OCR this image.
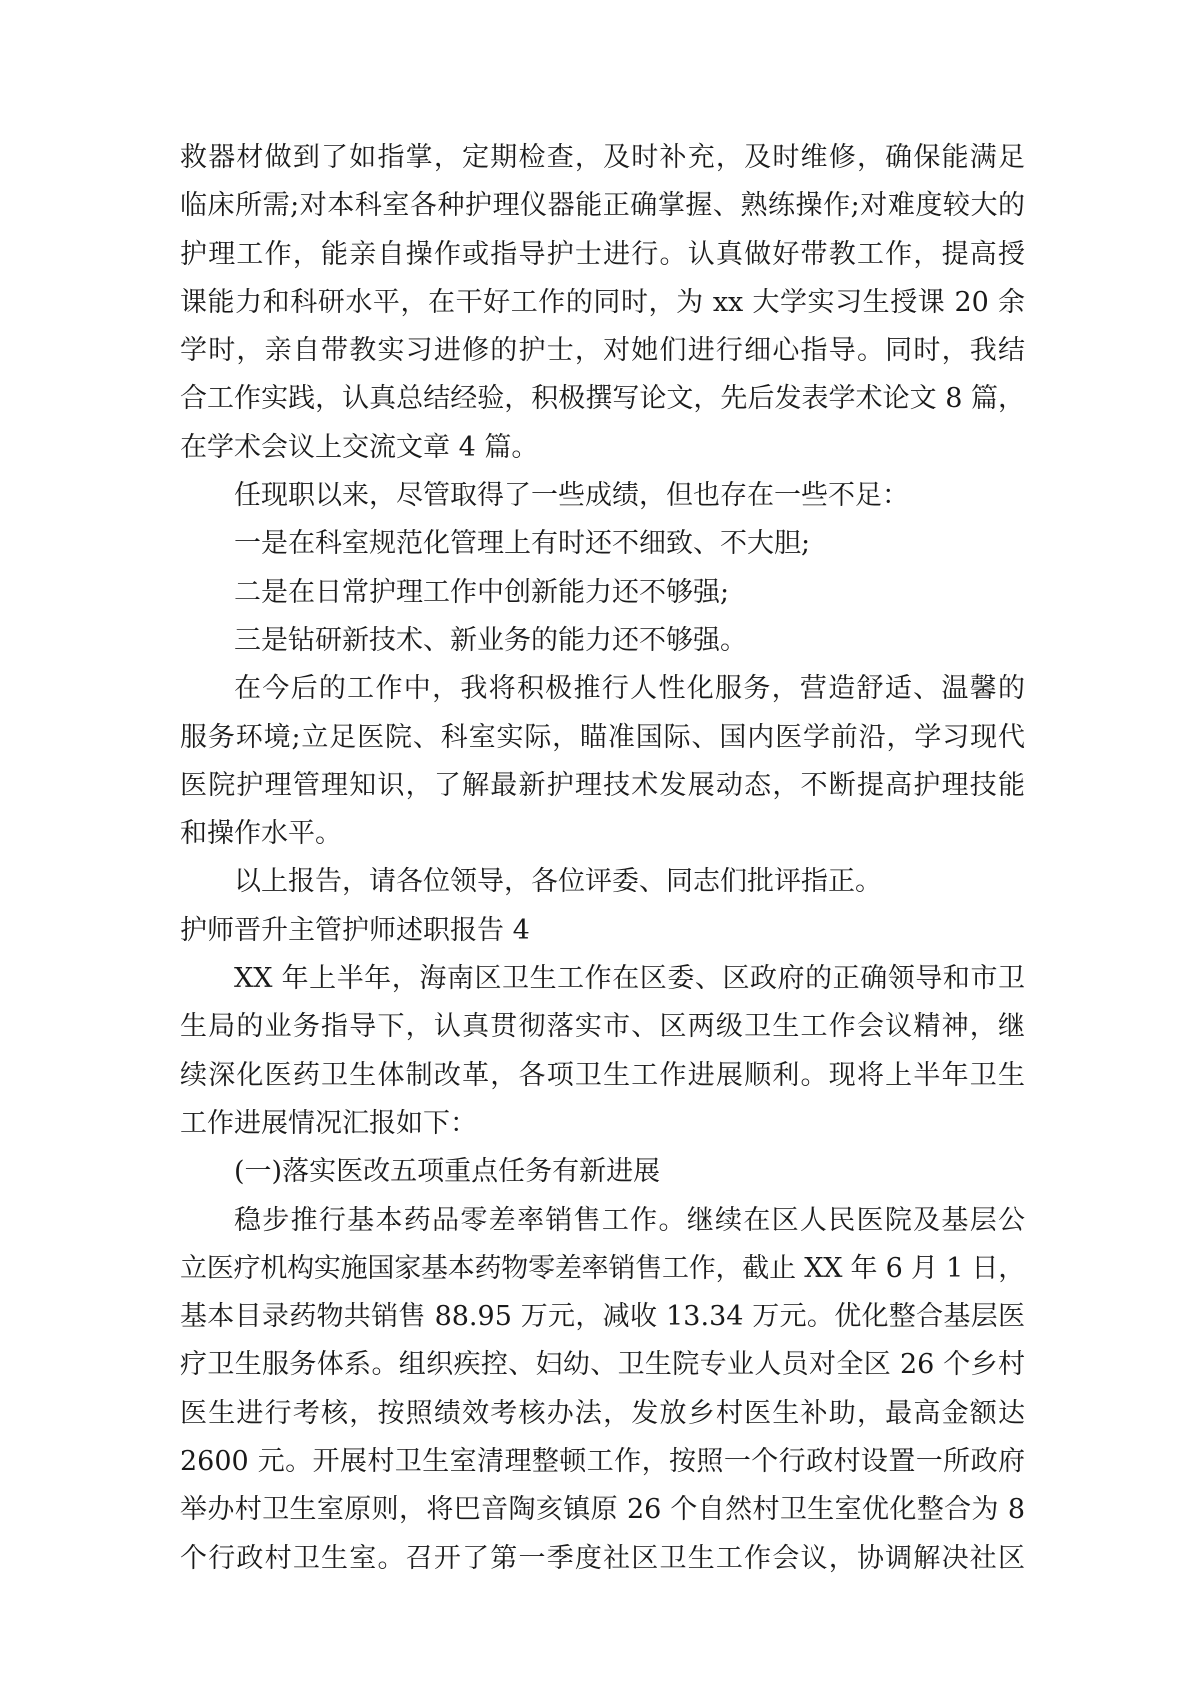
救器材做到了如指掌，定期检查，及时补充，及时维修，确保能满足
临床所需;对本科室各种护理仪器能正确掌握、熟练操作;对难度较大的
护理工作，能亲自操作或指导护士进行。认真做好带教工作，提高授
课能力和科研水平，在干好工作的同时，为 xx 大学实习生授课 20 余
学时，亲自带教实习进修的护士，对她们进行细心指导。同时，我结
合工作实践，认真总结经验，积极撰写论文，先后发表学术论文 8 篇，
在学术会议上交流文章 4 篇。
任现职以来，尽管取得了一些成绩，但也存在一些不足：
一是在科室规范化管理上有时还不细致、不大胆;
二是在日常护理工作中创新能力还不够强;
三是钻研新技术、新业务的能力还不够强。
在今后的工作中，我将积极推行人性化服务，营造舒适、温馨的
服务环境;立足医院、科室实际，瞄准国际、国内医学前沿，学习现代
医院护理管理知识，了解最新护理技术发展动态，不断提高护理技能
和操作水平。
以上报告，请各位领导，各位评委、同志们批评指正。
护师晋升主管护师述职报告 4
XX 年上半年，海南区卫生工作在区委、区政府的正确领导和市卫
生局的业务指导下，认真贯彻落实市、区两级卫生工作会议精神，继
续深化医药卫生体制改革，各项卫生工作进展顺利。现将上半年卫生
工作进展情况汇报如下：
(一)落实医改五项重点任务有新进展
稳步推行基本药品零差率销售工作。继续在区人民医院及基层公
立医疗机构实施国家基本药物零差率销售工作，截止 XX 年 6 月 1 日，
基本目录药物共销售 88.95 万元，减收 13.34 万元。优化整合基层医
疗卫生服务体系。组织疾控、妇幼、卫生院专业人员对全区 26 个乡村
医生进行考核，按照绩效考核办法，发放乡村医生补助，最高金额达
2600 元。开展村卫生室清理整顿工作，按照一个行政村设置一所政府
举办村卫生室原则，将巴音陶亥镇原 26 个自然村卫生室优化整合为 8
个行政村卫生室。召开了第一季度社区卫生工作会议，协调解决社区
